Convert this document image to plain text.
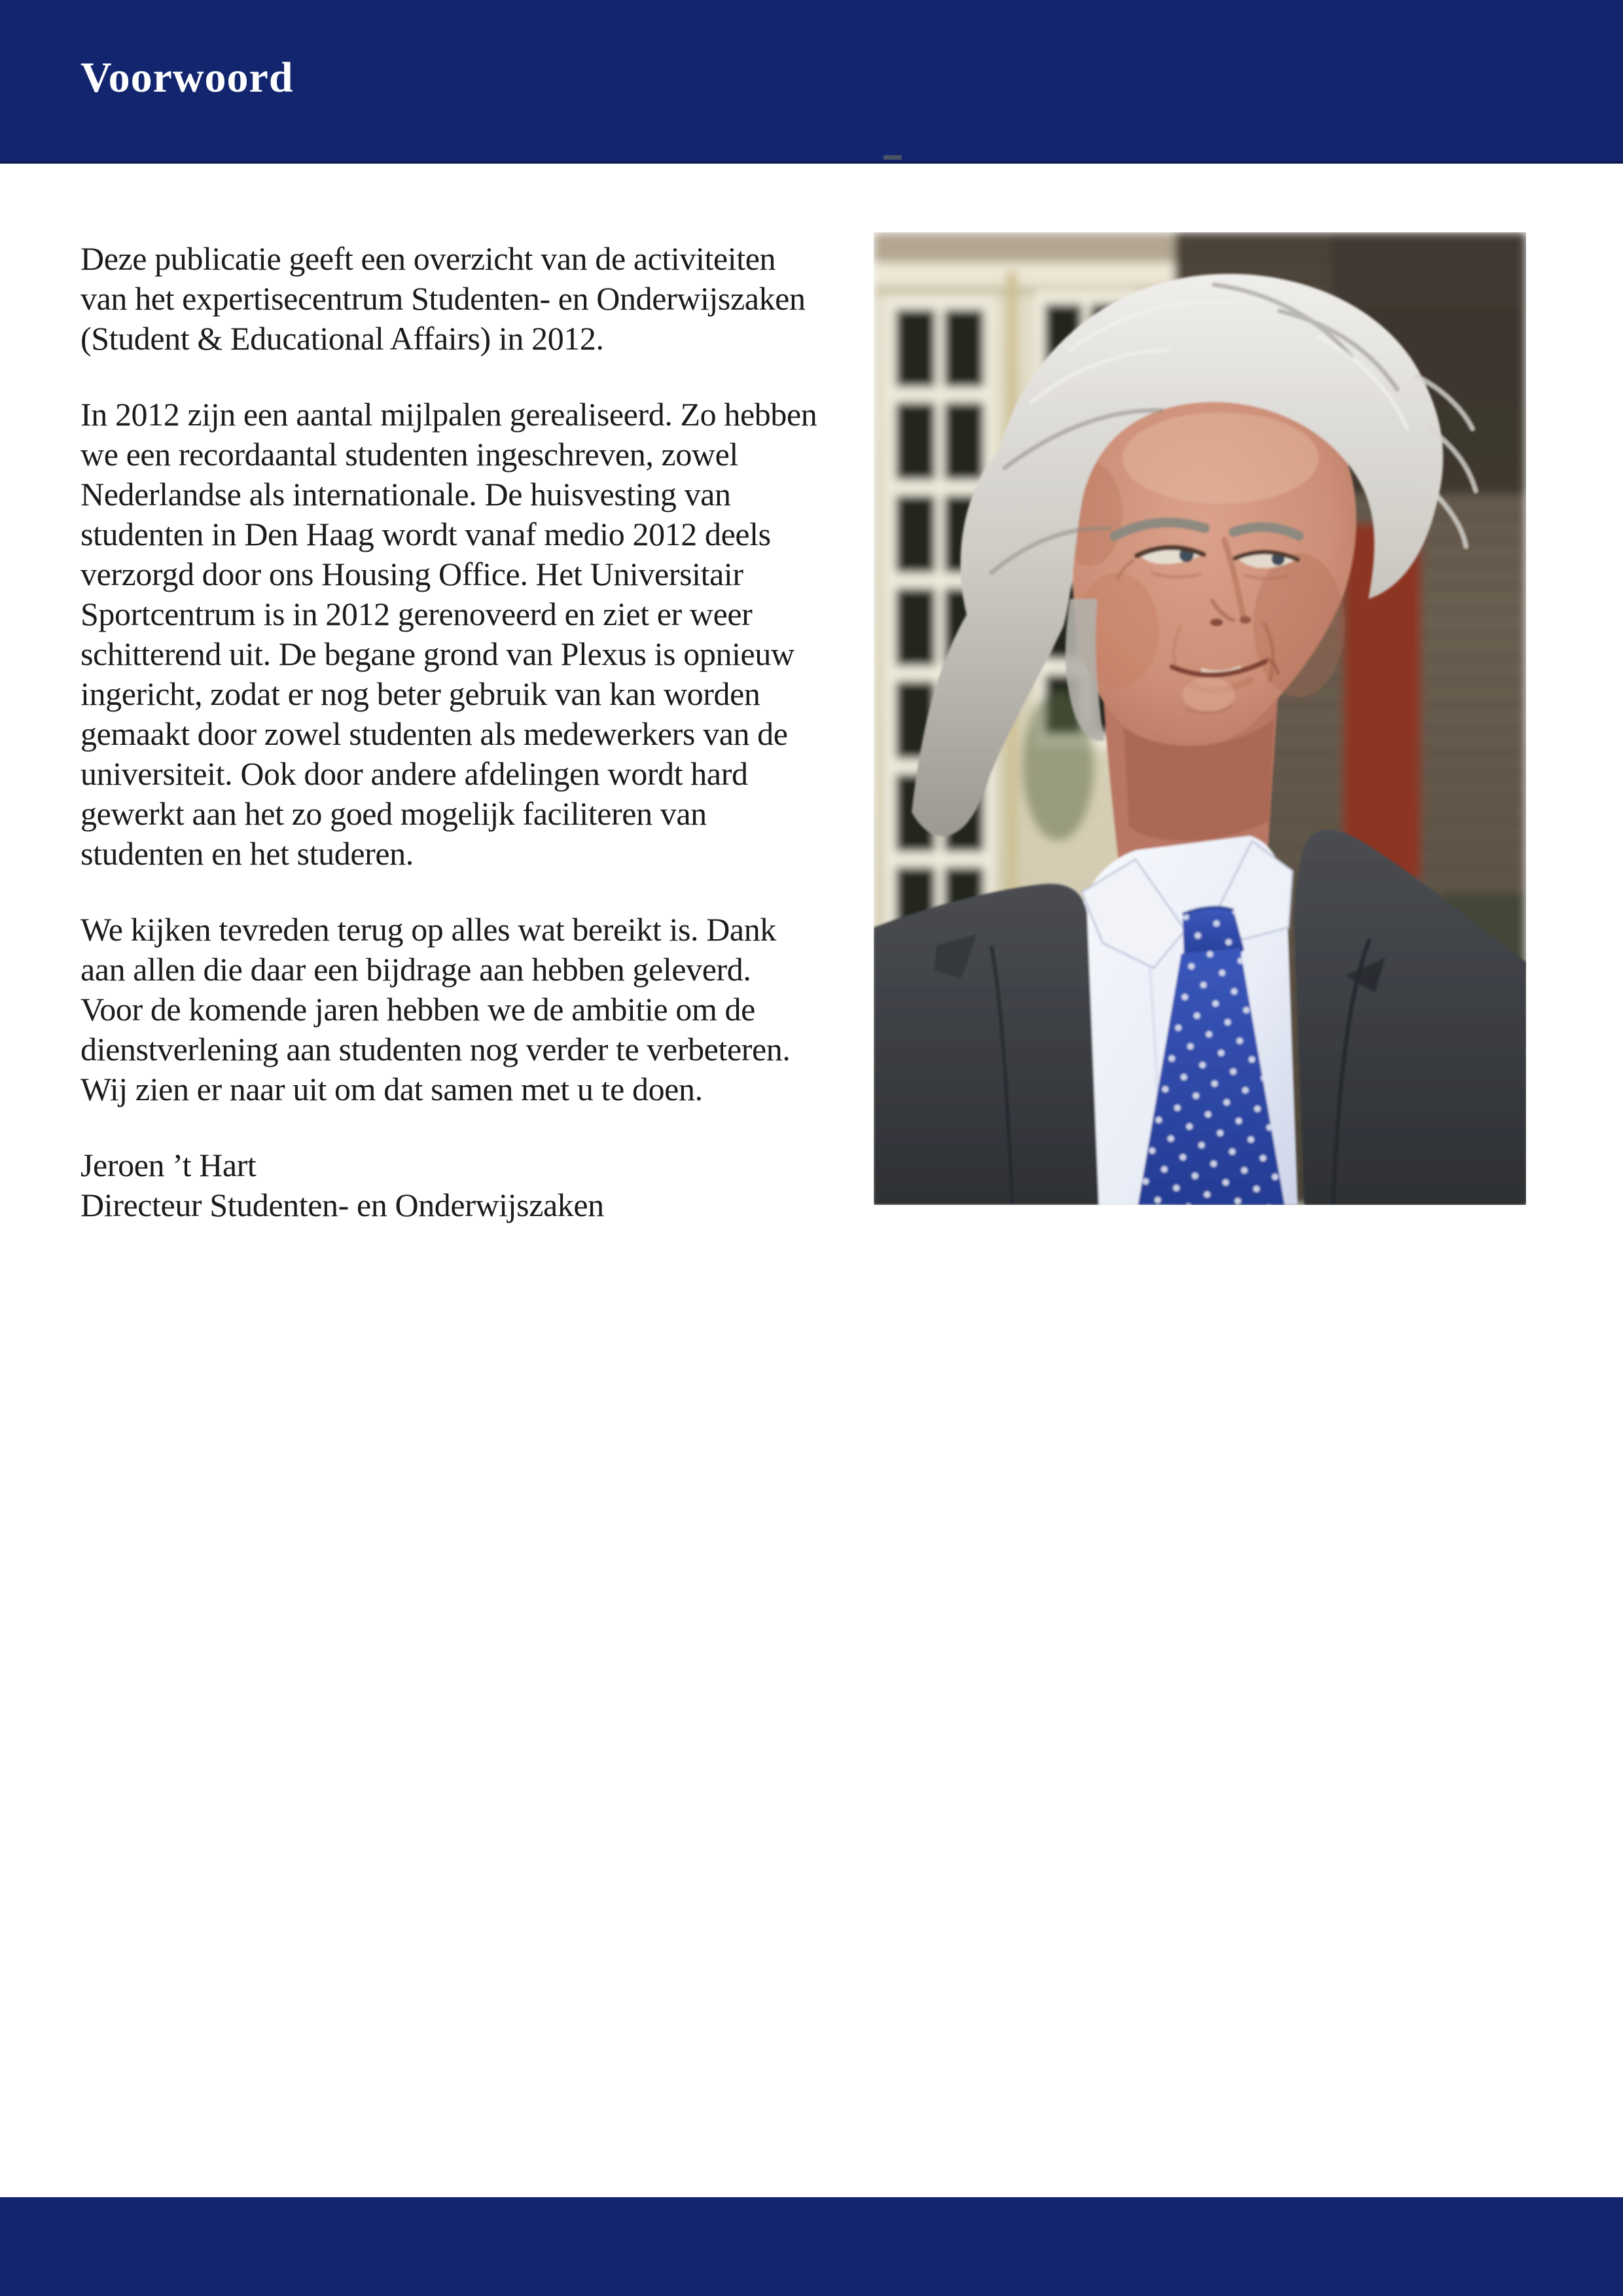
Voorwoord
Deze publicatie geeft een overzicht van de activiteiten
van het expertisecentrum Studenten- en Onderwijszaken
(Student & Educational Affairs) in 2012.
In 2012 zijn een aantal mijlpalen gerealiseerd. Zo hebben
we een recordaantal studenten ingeschreven, zowel
Nederlandse als internationale. De huisvesting van
studenten in Den Haag wordt vanaf medio 2012 deels
verzorgd door ons Housing Office. Het Universitair
Sportcentrum is in 2012 gerenoveerd en ziet er weer
schitterend uit. De begane grond van Plexus is opnieuw
ingericht, zodat er nog beter gebruik van kan worden
gemaakt door zowel studenten als medewerkers van de
universiteit. Ook door andere afdelingen wordt hard
gewerkt aan het zo goed mogelijk faciliteren van
studenten en het studeren.
We kijken tevreden terug op alles wat bereikt is. Dank
aan allen die daar een bijdrage aan hebben geleverd.
Voor de komende jaren hebben we de ambitie om de
dienstverlening aan studenten nog verder te verbeteren.
Wij zien er naar uit om dat samen met u te doen.
Jeroen ’t Hart
Directeur Studenten- en Onderwijszaken
